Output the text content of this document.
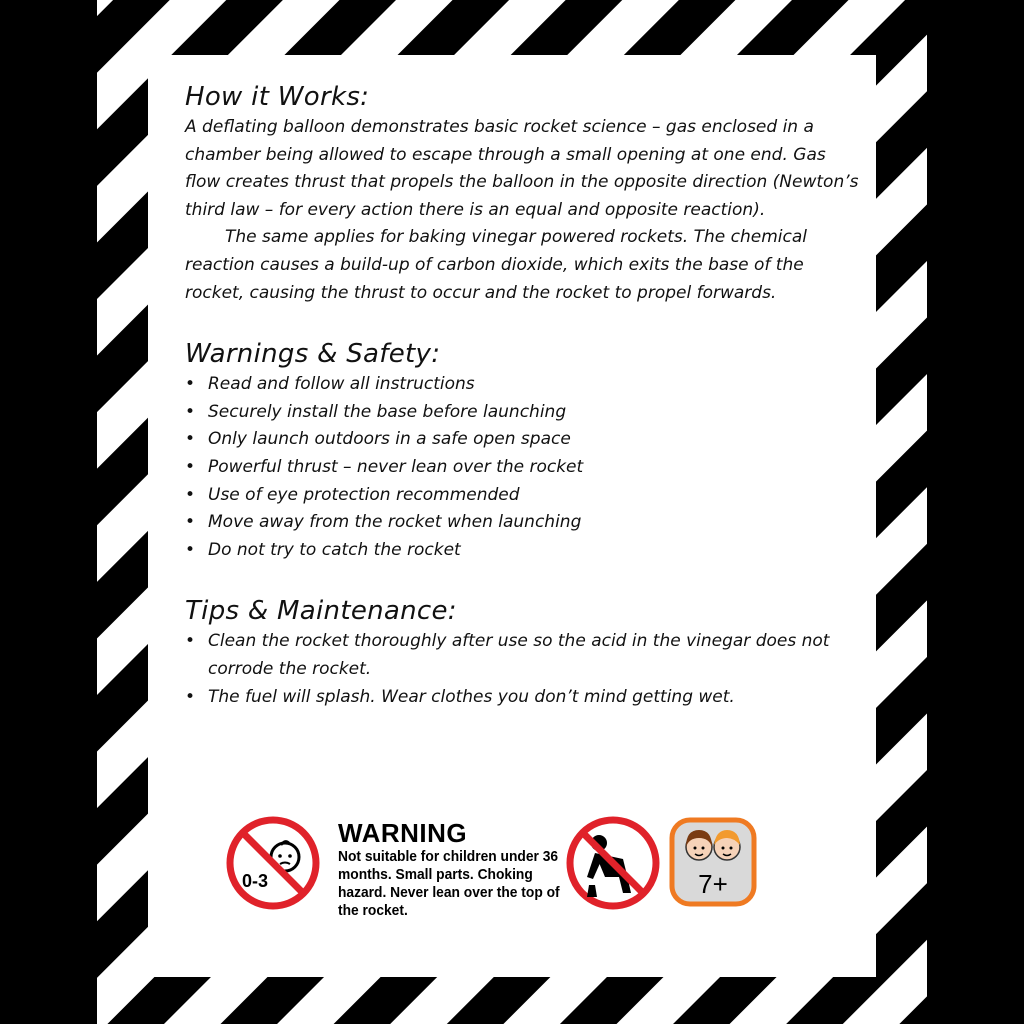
How it Works:

A deflating balloon demonstrates basic rocket science – gas enclosed in a chamber being allowed to escape through a small opening at one end. Gas flow creates thrust that propels the balloon in the opposite direction (Newton’s third law – for every action there is an equal and opposite reaction).

The same applies for baking vinegar powered rockets. The chemical reaction causes a build-up of carbon dioxide, which exits the base of the rocket, causing the thrust to occur and the rocket to propel forwards.

Warnings & Safety:
• Read and follow all instructions
• Securely install the base before launching
• Only launch outdoors in a safe open space
• Powerful thrust – never lean over the rocket
• Use of eye protection recommended
• Move away from the rocket when launching
• Do not try to catch the rocket
Tips & Maintenance:
• Clean the rocket thoroughly after use so the acid in the vinegar does not corrode the rocket.
• The fuel will splash. Wear clothes you don’t mind getting wet.
0-3
WARNING
Not suitable for children under 36 months. Small parts. Choking hazard. Never lean over the top of the rocket.
7+
